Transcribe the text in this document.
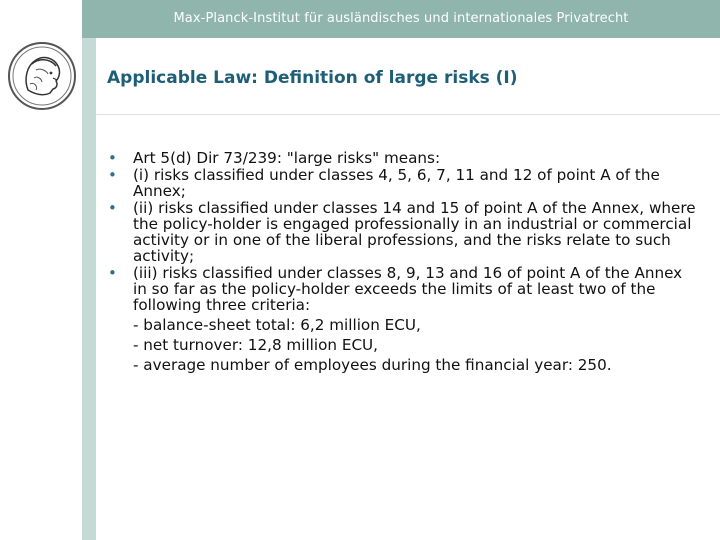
Max-Planck-Institut für ausländisches und internationales Privatrecht
Applicable Law: Definition of large risks (I)
• Art 5(d) Dir 73/239: "large risks" means:
• (i) risks classified under classes 4, 5, 6, 7, 11 and 12 of point A of the Annex;
• (ii) risks classified under classes 14 and 15 of point A of the Annex, where the policy-holder is engaged professionally in an industrial or commercial activity or in one of the liberal professions, and the risks relate to such activity;
• (iii) risks classified under classes 8, 9, 13 and 16 of point A of the Annex in so far as the policy-holder exceeds the limits of at least two of the following three criteria:
- balance-sheet total: 6,2 million ECU,
- net turnover: 12,8 million ECU,
- average number of employees during the financial year: 250.
